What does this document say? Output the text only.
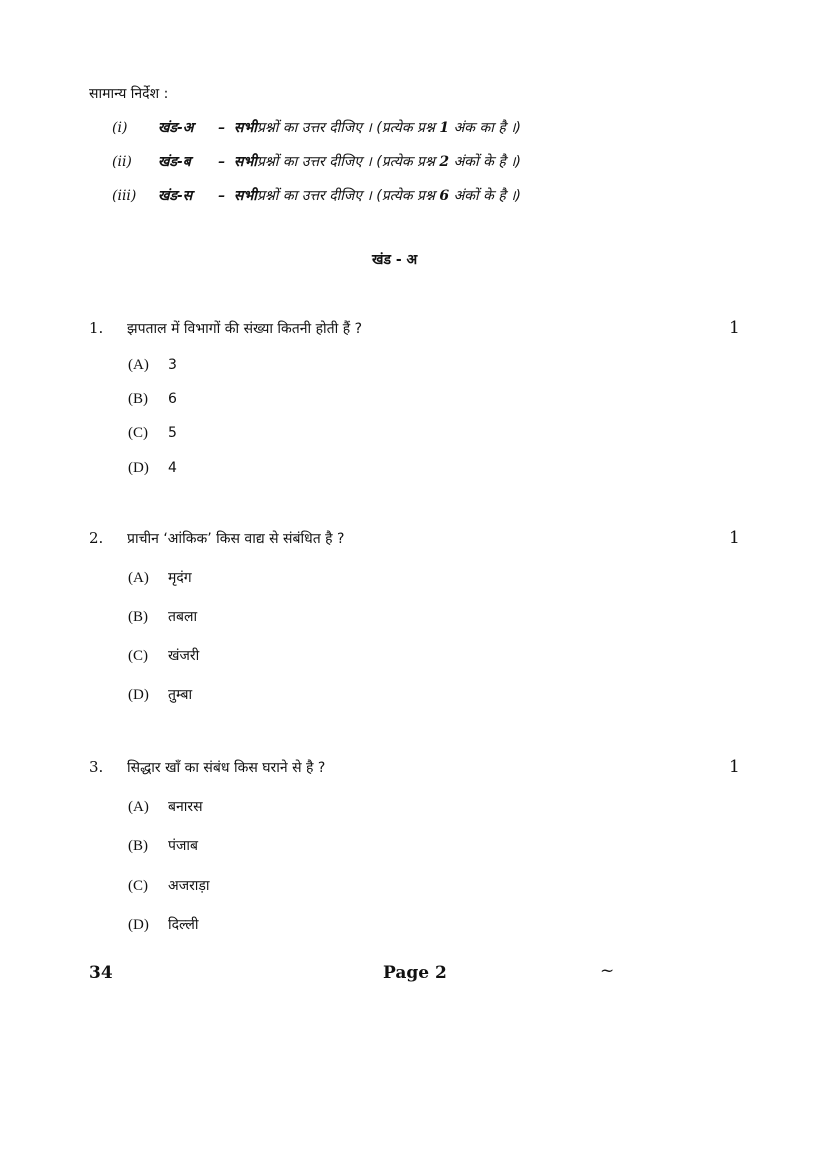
सामान्य निर्देश :
(i) खंड-अ – सभीप्रश्नों का उत्तर दीजिए । (प्रत्येक प्रश्न 1 अंक का है ।)
(ii) खंड-ब – सभीप्रश्नों का उत्तर दीजिए । (प्रत्येक प्रश्न 2 अंकों के है ।)
(iii) खंड-स – सभीप्रश्नों का उत्तर दीजिए । (प्रत्येक प्रश्न 6 अंकों के है ।)
खंड - अ
1. झपताल में विभागों की संख्या कितनी होती हैं ?	1
(A) 3
(B) 6
(C) 5
(D) 4
2. प्राचीन ‘आंकिक’ किस वाद्य से संबंधित है ?	1
(A) मृदंग
(B) तबला
(C) खंजरी
(D) तुम्बा
3. सिद्धार खाँ का संबंध किस घराने से है ?	1
(A) बनारस
(B) पंजाब
(C) अजराड़ा
(D) दिल्ली
34	Page 2	~
